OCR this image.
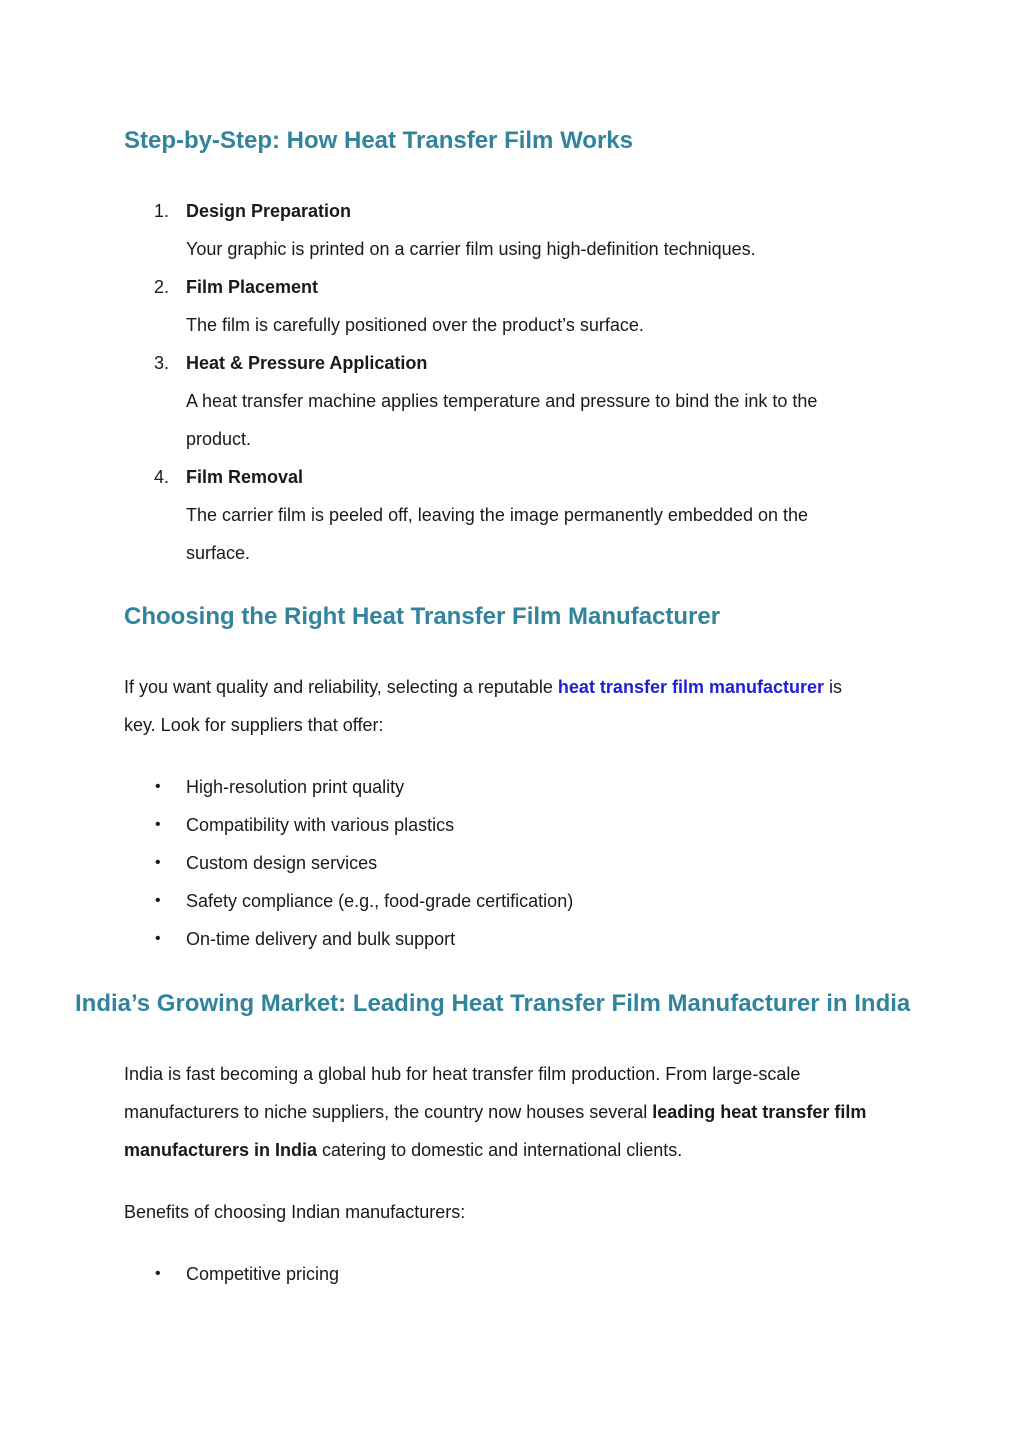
Step-by-Step: How Heat Transfer Film Works
1. Design Preparation
Your graphic is printed on a carrier film using high-definition techniques.
2. Film Placement
The film is carefully positioned over the product’s surface.
3. Heat & Pressure Application
A heat transfer machine applies temperature and pressure to bind the ink to the
product.
4. Film Removal
The carrier film is peeled off, leaving the image permanently embedded on the
surface.
Choosing the Right Heat Transfer Film Manufacturer
If you want quality and reliability, selecting a reputable heat transfer film manufacturer is
key. Look for suppliers that offer:
• High-resolution print quality
• Compatibility with various plastics
• Custom design services
• Safety compliance (e.g., food-grade certification)
• On-time delivery and bulk support
India’s Growing Market: Leading Heat Transfer Film Manufacturer in India
India is fast becoming a global hub for heat transfer film production. From large-scale
manufacturers to niche suppliers, the country now houses several leading heat transfer film
manufacturers in India catering to domestic and international clients.
Benefits of choosing Indian manufacturers:
• Competitive pricing
